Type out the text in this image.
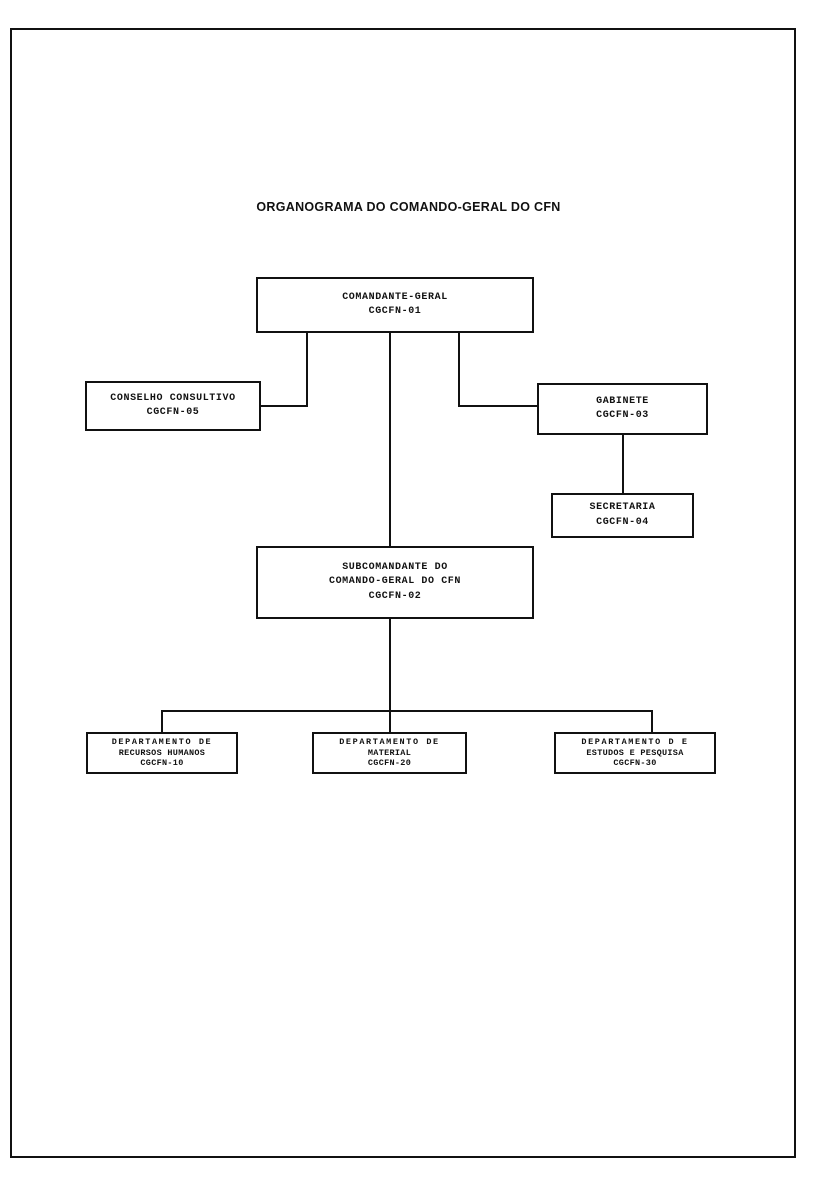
ORGANOGRAMA DO COMANDO-GERAL DO CFN
COMANDANTE-GERAL
CGCFN-01
CONSELHO CONSULTIVO
CGCFN-05
GABINETE
CGCFN-03
SECRETARIA
CGCFN-04
SUBCOMANDANTE DO
COMANDO-GERAL DO CFN
CGCFN-02
DEPARTAMENTO DE
RECURSOS HUMANOS
CGCFN-10
DEPARTAMENTO DE
MATERIAL
CGCFN-20
DEPARTAMENTO D E
ESTUDOS E PESQUISA
CGCFN-30
